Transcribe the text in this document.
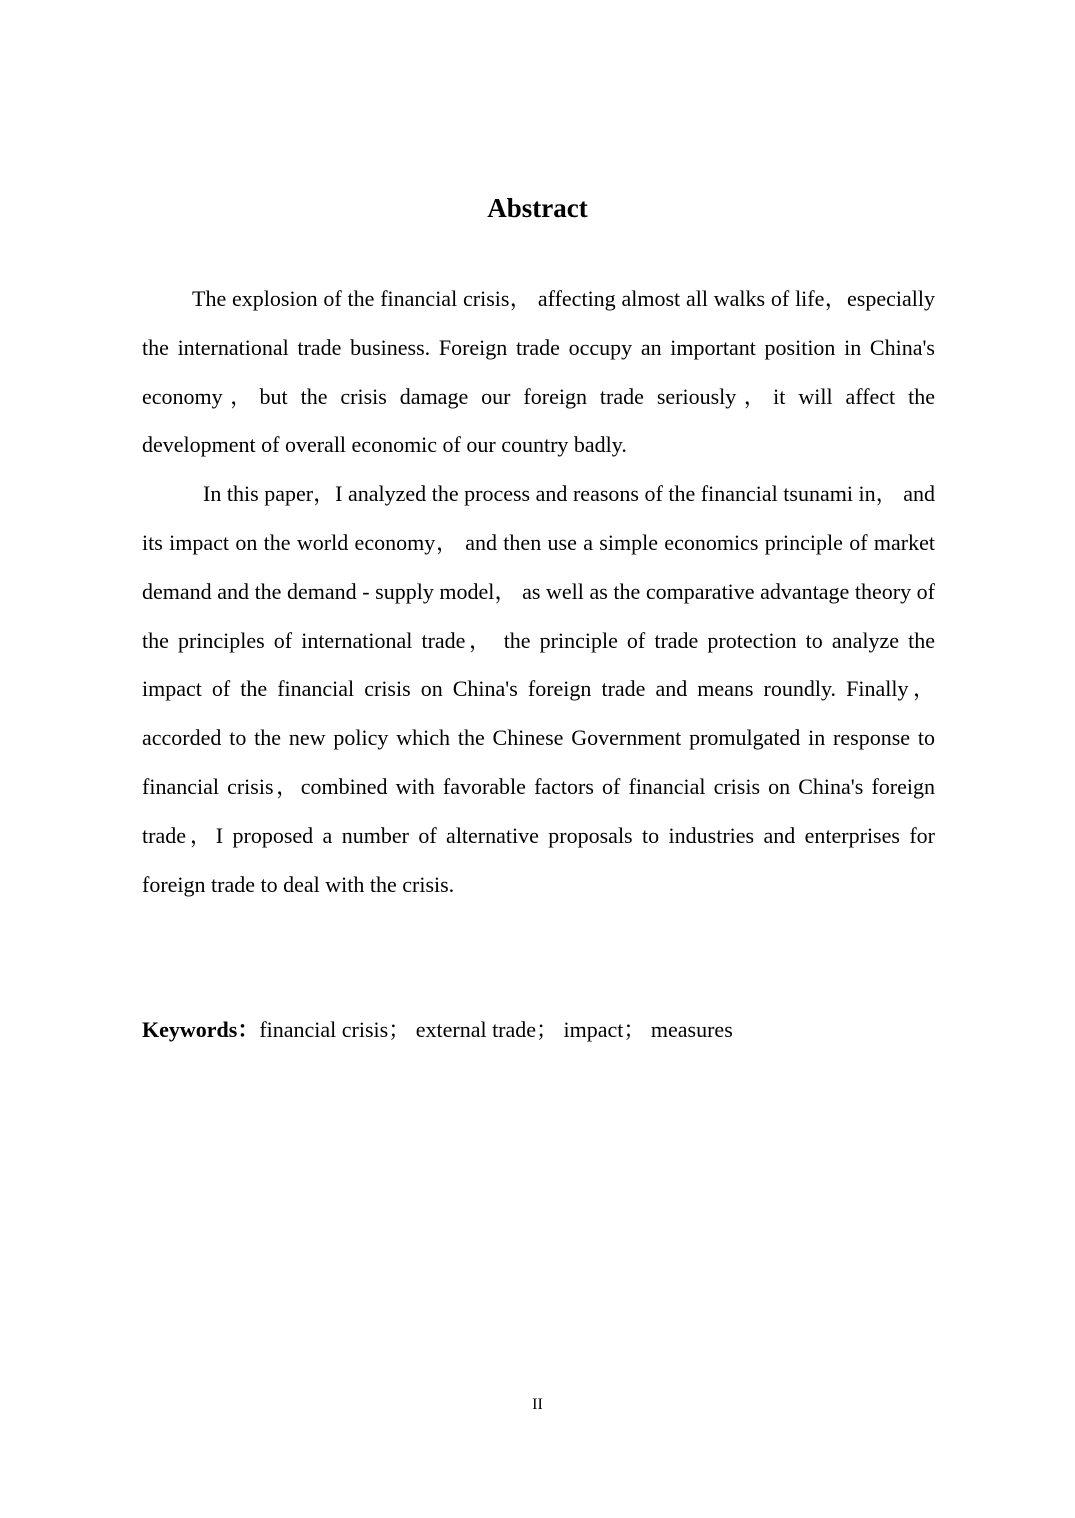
Abstract

The explosion of the financial crisis， affecting almost all walks of life，especially the international trade business. Foreign trade occupy an important position in China's economy，but the crisis damage our foreign trade seriously，it will affect the development of overall economic of our country badly.

In this paper，I analyzed the process and reasons of the financial tsunami in， and its impact on the world economy， and then use a simple economics principle of market demand and the demand - supply model， as well as the comparative advantage theory of the principles of international trade， the principle of trade protection to analyze the impact of the financial crisis on China's foreign trade and means roundly. Finally，accorded to the new policy which the Chinese Government promulgated in response to financial crisis，combined with favorable factors of financial crisis on China's foreign trade，I proposed a number of alternative proposals to industries and enterprises for foreign trade to deal with the crisis.

Keywords：financial crisis； external trade； impact； measures
II
